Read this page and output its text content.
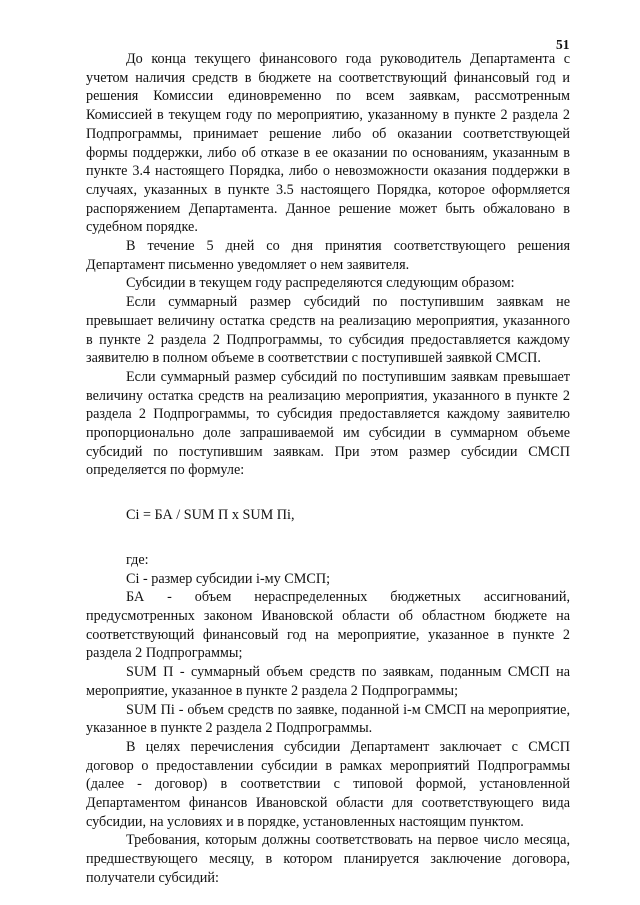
51

До конца текущего финансового года руководитель Департамента с учетом наличия средств в бюджете на соответствующий финансовый год и решения Комиссии единовременно по всем заявкам, рассмотренным Комиссией в текущем году по мероприятию, указанному в пункте 2 раздела 2 Подпрограммы, принимает решение либо об оказании соответствующей формы поддержки, либо об отказе в ее оказании по основаниям, указанным в пункте 3.4 настоящего Порядка, либо о невозможности оказания поддержки в случаях, указанных в пункте 3.5 настоящего Порядка, которое оформляется распоряжением Департамента. Данное решение может быть обжаловано в судебном порядке.

В течение 5 дней со дня принятия соответствующего решения Департамент письменно уведомляет о нем заявителя.

Субсидии в текущем году распределяются следующим образом:

Если суммарный размер субсидий по поступившим заявкам не превышает величину остатка средств на реализацию мероприятия, указанного в пункте 2 раздела 2 Подпрограммы, то субсидия предоставляется каждому заявителю в полном объеме в соответствии с поступившей заявкой СМСП.

Если суммарный размер субсидий по поступившим заявкам превышает величину остатка средств на реализацию мероприятия, указанного в пункте 2 раздела 2 Подпрограммы, то субсидия предоставляется каждому заявителю пропорционально доле запрашиваемой им субсидии в суммарном объеме субсидий по поступившим заявкам. При этом размер субсидии СМСП определяется по формуле:

Ci = БА / SUM П x SUM Пi,

где:

Ci - размер субсидии i-му СМСП;

БА - объем нераспределенных бюджетных ассигнований, предусмотренных законом Ивановской области об областном бюджете на соответствующий финансовый год на мероприятие, указанное в пункте 2 раздела 2 Подпрограммы;

SUM П - суммарный объем средств по заявкам, поданным СМСП на мероприятие, указанное в пункте 2 раздела 2 Подпрограммы;

SUM Пi - объем средств по заявке, поданной i-м СМСП на мероприятие, указанное в пункте 2 раздела 2 Подпрограммы.

В целях перечисления субсидии Департамент заключает с СМСП договор о предоставлении субсидии в рамках мероприятий Подпрограммы (далее - договор) в соответствии с типовой формой, установленной Департаментом финансов Ивановской области для соответствующего вида субсидии, на условиях и в порядке, установленных настоящим пунктом.

Требования, которым должны соответствовать на первое число месяца, предшествующего месяцу, в котором планируется заключение договора, получатели субсидий:
